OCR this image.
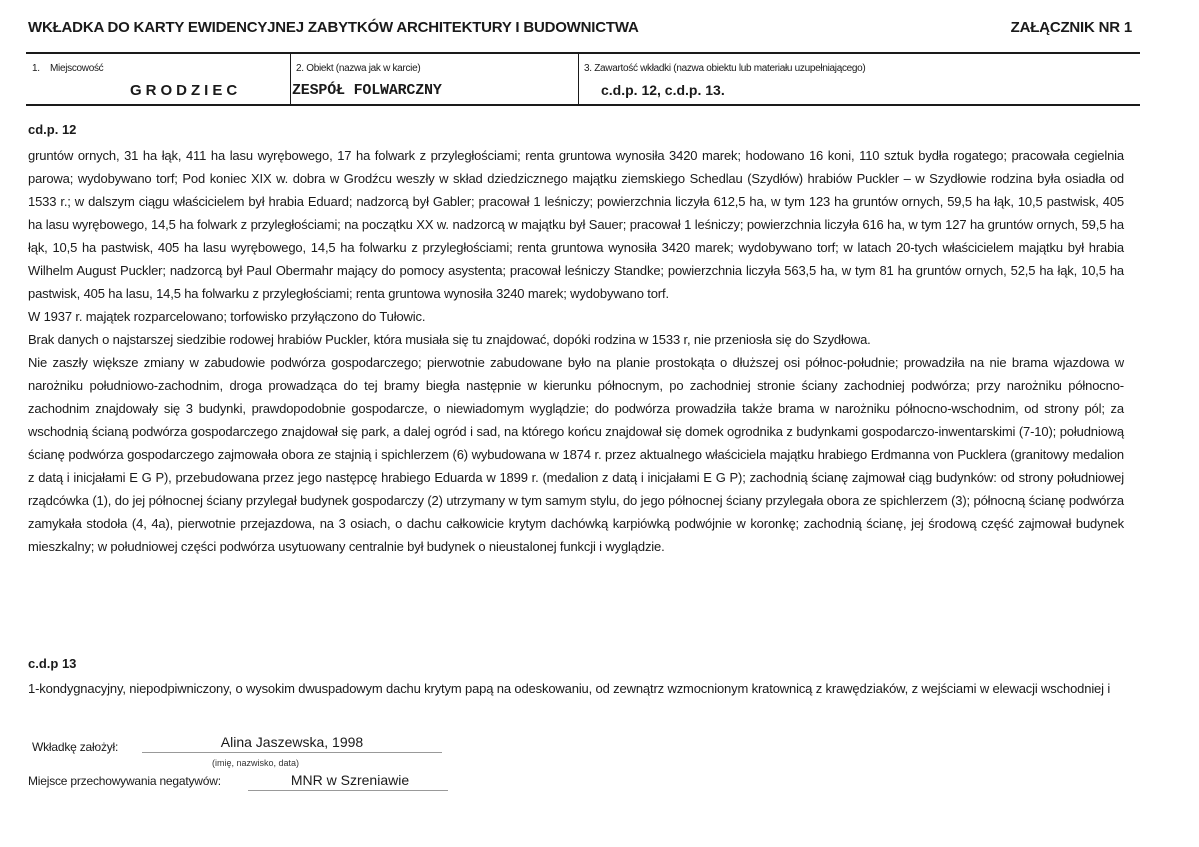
WKŁADKA DO KARTY EWIDENCYJNEJ ZABYTKÓW ARCHITEKTURY I BUDOWNICTWA	ZAŁĄCZNIK NR 1
1. Miejscowość
GRODZIEC
2. Obiekt (nazwa jak w karcie)
ZESPÓŁ FOLWARCZNY
3. Zawartość wkładki (nazwa obiektu lub materiału uzupełniającego)
c.d.p. 12, c.d.p. 13.
cd.p. 12

gruntów ornych, 31 ha łąk, 411 ha lasu wyrębowego, 17 ha folwark z przyległościami; renta gruntowa wynosiła 3420 marek; hodowano 16 koni, 110 sztuk bydła rogatego; pracowała cegielnia parowa; wydobywano torf; Pod koniec XIX w. dobra w Grodźcu weszły w skład dziedzicznego majątku ziemskiego Schedlau (Szydłów) hrabiów Puckler – w Szydłowie rodzina była osiadła od 1533 r.; w dalszym ciągu właścicielem był hrabia Eduard; nadzorcą był Gabler; pracował 1 leśniczy; powierzchnia liczyła 612,5 ha, w tym 123 ha gruntów ornych, 59,5 ha łąk, 10,5 pastwisk, 405 ha lasu wyrębowego, 14,5 ha folwark z przyległościami; na początku XX w. nadzorcą w majątku był Sauer; pracował 1 leśniczy; powierzchnia liczyła 616 ha, w tym 127 ha gruntów ornych, 59,5 ha łąk, 10,5 ha pastwisk, 405 ha lasu wyrębowego, 14,5 ha folwarku z przyległościami; renta gruntowa wynosiła 3420 marek; wydobywano torf; w latach 20-tych właścicielem majątku był hrabia Wilhelm August Puckler; nadzorcą był Paul Obermahr mający do pomocy asystenta; pracował leśniczy Standke; powierzchnia liczyła 563,5 ha, w tym 81 ha gruntów ornych, 52,5 ha łąk, 10,5 ha pastwisk, 405 ha lasu, 14,5 ha folwarku z przyległościami; renta gruntowa wynosiła 3240 marek; wydobywano torf.

W 1937 r. majątek rozparcelowano; torfowisko przyłączono do Tułowic.

Brak danych o najstarszej siedzibie rodowej hrabiów Puckler, która musiała się tu znajdować, dopóki rodzina w 1533 r, nie przeniosła się do Szydłowa.

Nie zaszły większe zmiany w zabudowie podwórza gospodarczego; pierwotnie zabudowane było na planie prostokąta o dłuższej osi północ-południe; prowadziła na nie brama wjazdowa w narożniku południowo-zachodnim, droga prowadząca do tej bramy biegła następnie w kierunku północnym, po zachodniej stronie ściany zachodniej podwórza; przy narożniku północno-zachodnim znajdowały się 3 budynki, prawdopodobnie gospodarcze, o niewiadomym wyglądzie; do podwórza prowadziła także brama w narożniku północno-wschodnim, od strony pól; za wschodnią ścianą podwórza gospodarczego znajdował się park, a dalej ogród i sad, na którego końcu znajdował się domek ogrodnika z budynkami gospodarczo-inwentarskimi (7-10); południową ścianę podwórza gospodarczego zajmowała obora ze stajnią i spichlerzem (6) wybudowana w 1874 r. przez aktualnego właściciela majątku hrabiego Erdmanna von Pucklera (granitowy medalion z datą i inicjałami E G P), przebudowana przez jego następcę hrabiego Eduarda w 1899 r. (medalion z datą i inicjałami E G P); zachodnią ścianę zajmował ciąg budynków: od strony południowej rządcówka (1), do jej północnej ściany przylegał budynek gospodarczy (2) utrzymany w tym samym stylu, do jego północnej ściany przylegała obora ze spichlerzem (3); północną ścianę podwórza zamykała stodoła (4, 4a), pierwotnie przejazdowa, na 3 osiach, o dachu całkowicie krytym dachówką karpiówką podwójnie w koronkę; zachodnią ścianę, jej środową część zajmował budynek mieszkalny; w południowej części podwórza usytuowany centralnie był budynek o nieustalonej funkcji i wyglądzie.

c.d.p 13
1-kondygnacyjny, niepodpiwniczony, o wysokim dwuspadowym dachu krytym papą na odeskowaniu, od zewnątrz wzmocnionym kratownicą z krawędziaków, z wejściami w elewacji wschodniej i
Wkładkę założył:	Alina Jaszewska, 1998
(imię, nazwisko, data)
Miejsce przechowywania negatywów:	MNR w Szreniawie
